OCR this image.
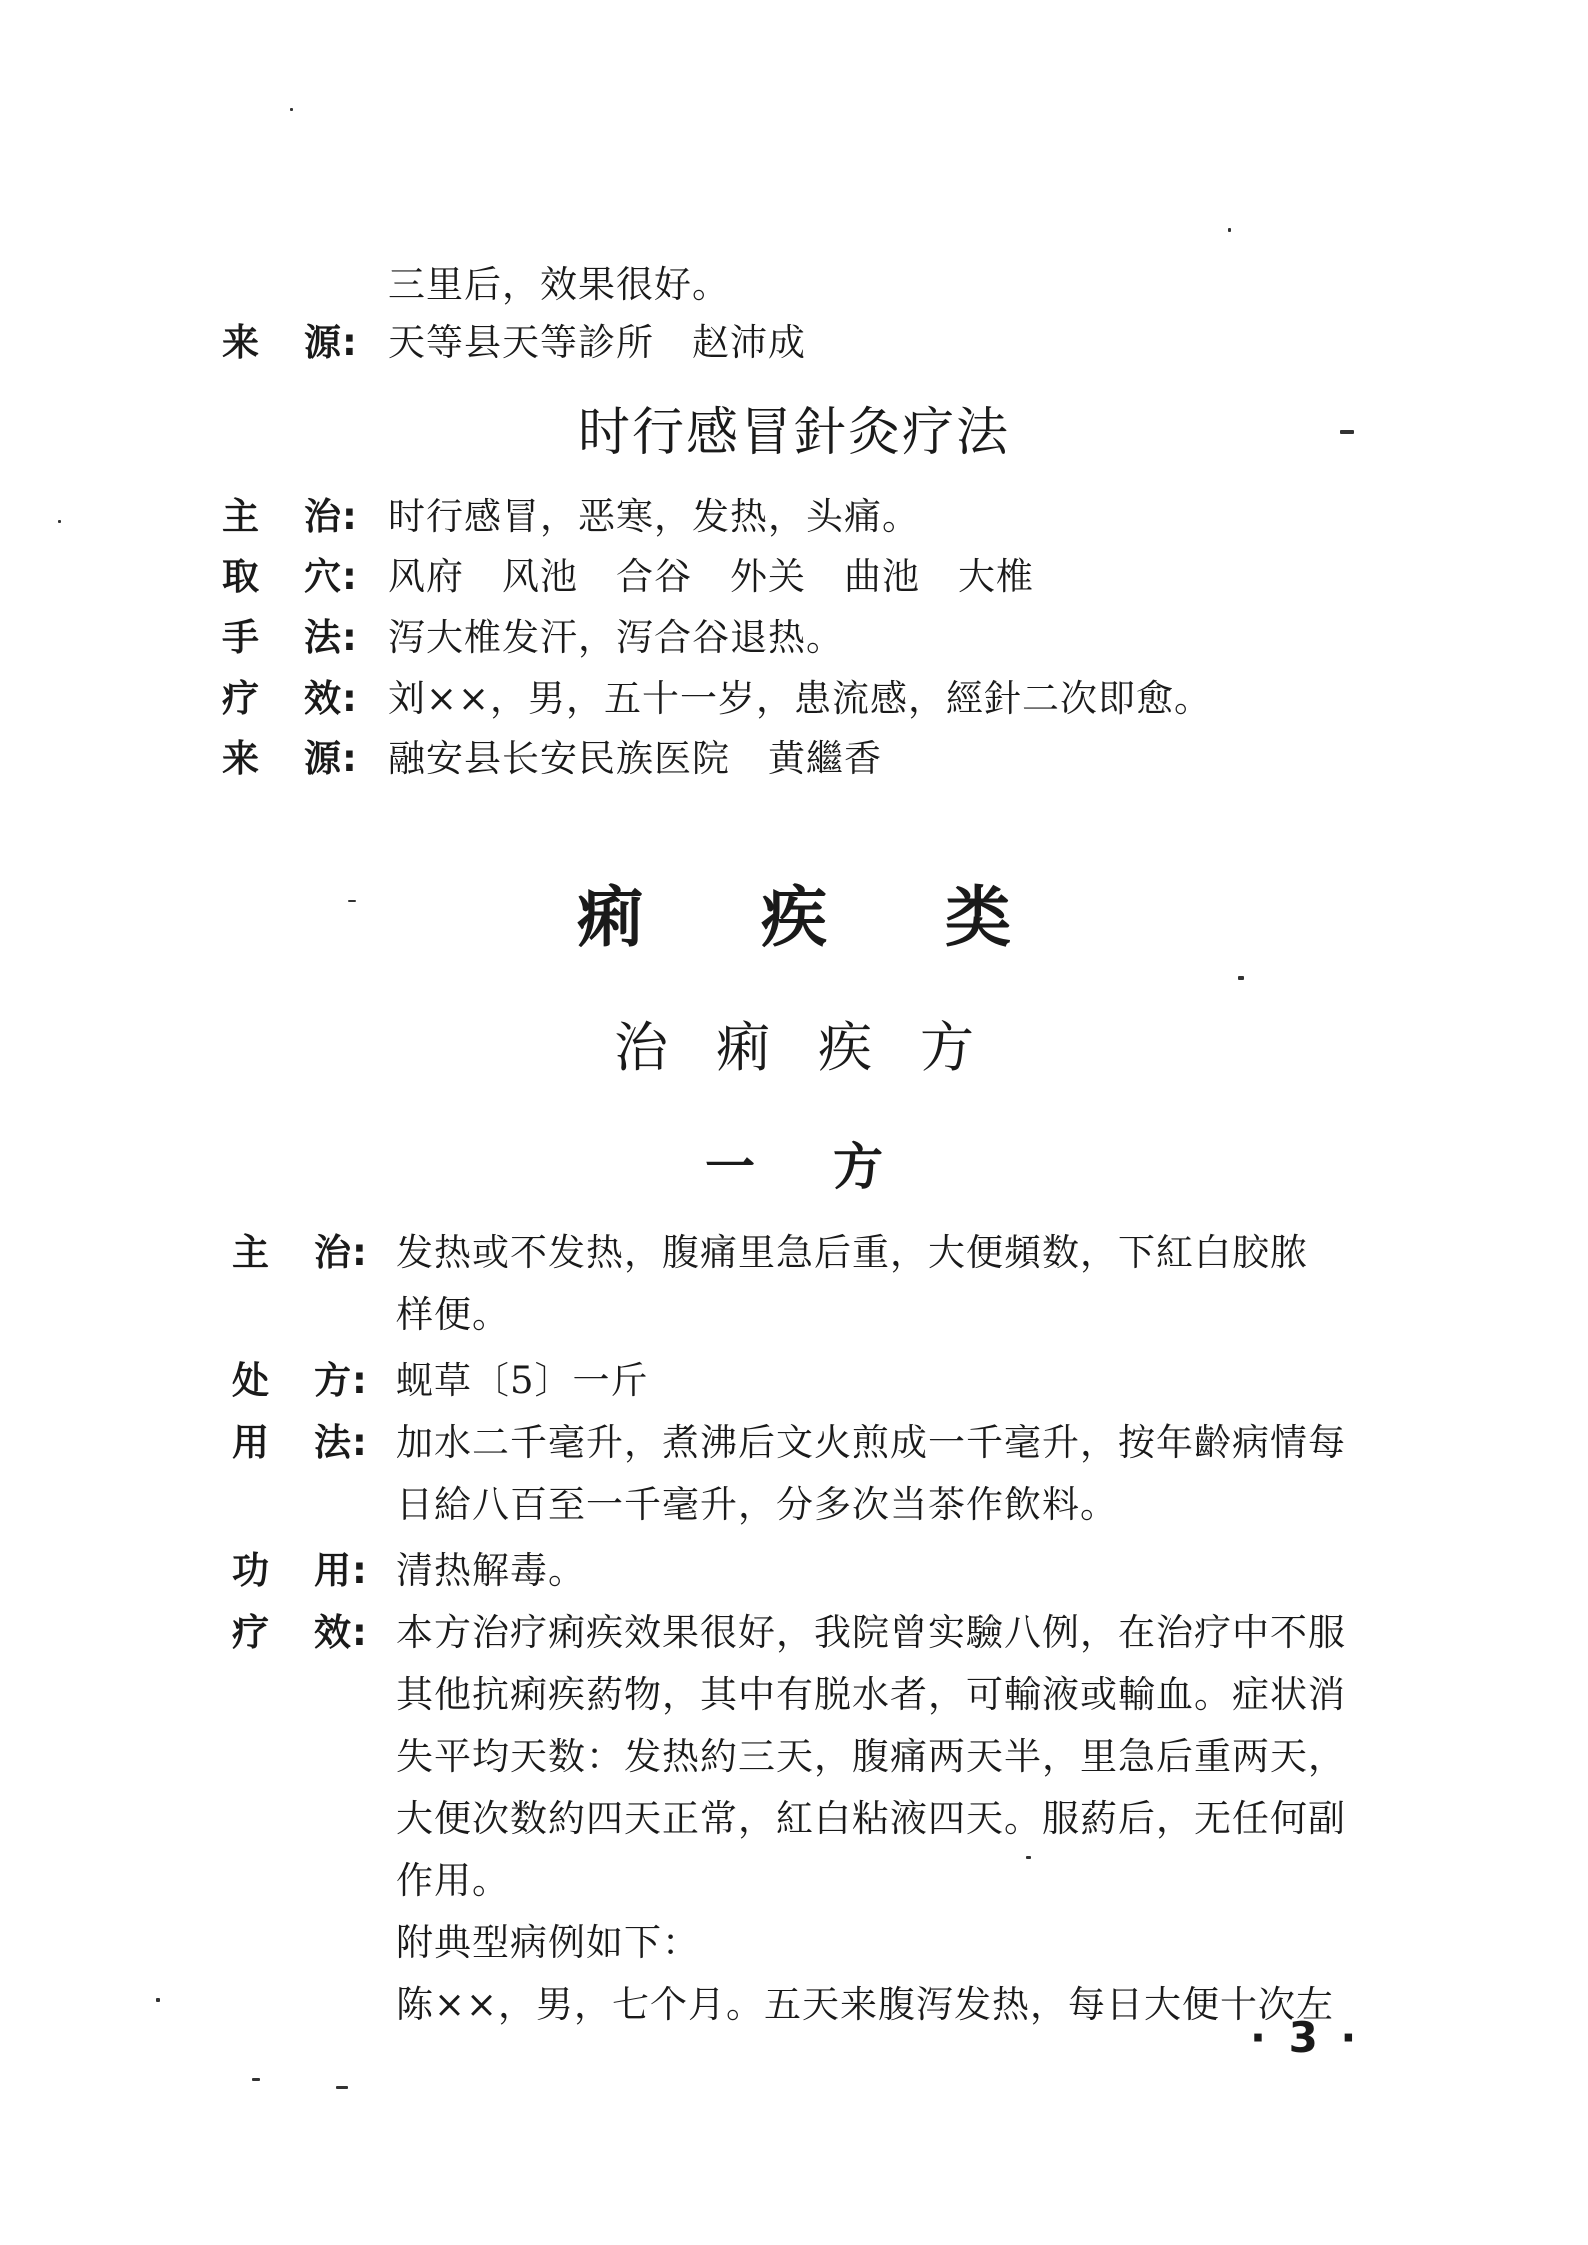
三里后，效果很好。
来 源: 天等县天等診所　赵沛成
时行感冒針灸疗法
主 治: 时行感冒，恶寒，发热，头痛。
取 穴: 风府　风池　合谷　外关　曲池　大椎
手 法: 泻大椎发汗，泻合谷退热。
疗 效: 刘××，男，五十一岁，患流感，經針二次即愈。
来 源: 融安县长安民族医院　黄繼香
痢疾类
治痢疾方
一方
主 治: 发热或不发热，腹痛里急后重，大便頻数，下紅白胶脓
样便。
处 方: 蚬草〔5〕一斤
用 法: 加水二千毫升，煮沸后文火煎成一千毫升，按年齡病情每
日給八百至一千毫升，分多次当茶作飲料。
功 用: 清热解毒。
疗 效: 本方治疗痢疾效果很好，我院曾实驗八例，在治疗中不服
其他抗痢疾葯物，其中有脱水者，可輸液或輸血。症状消
失平均天数：发热約三天，腹痛两天半，里急后重两天，
大便次数約四天正常，紅白粘液四天。服葯后，无任何副
作用。
附典型病例如下：
陈××，男，七个月。五天来腹泻发热，每日大便十次左
· 3 ·
